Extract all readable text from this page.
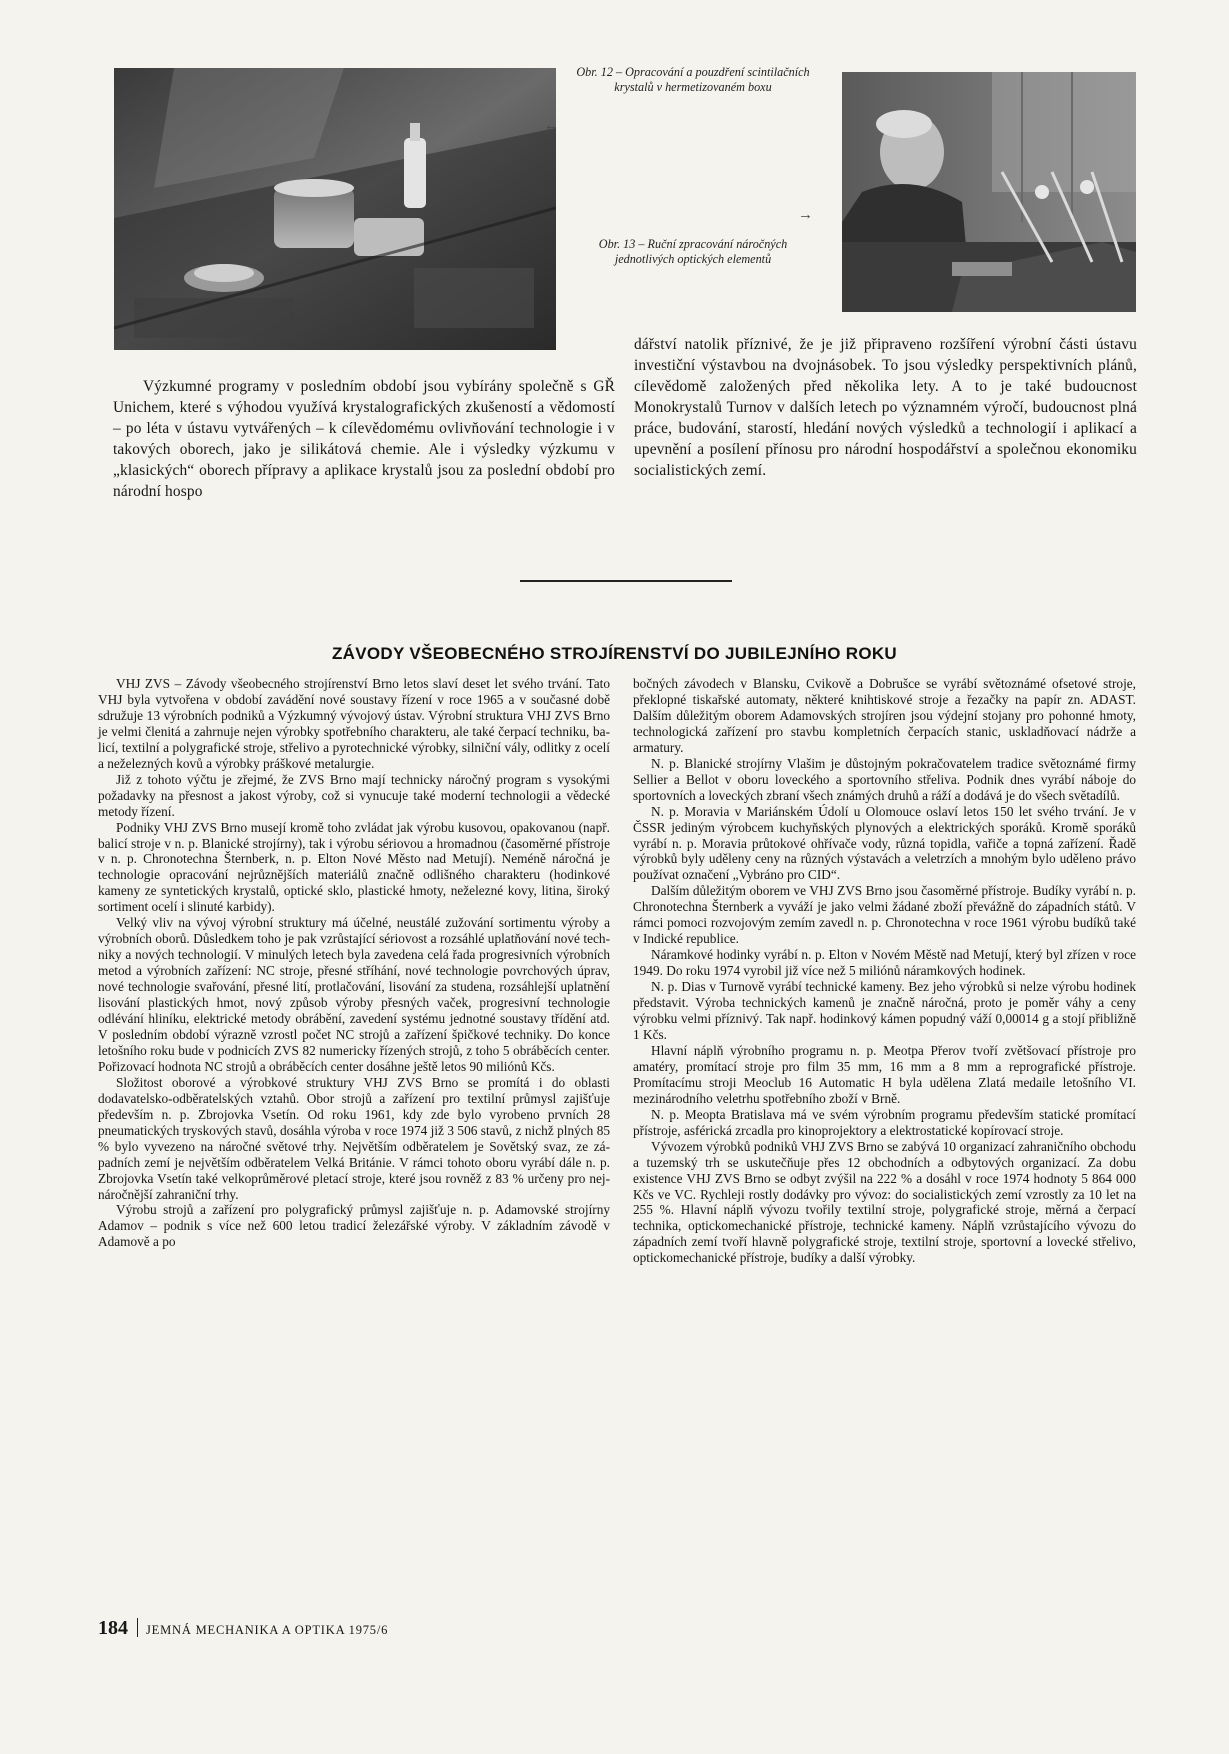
Obr. 12 – Opracování a pouzdření scintilačních krystalů v hermetizovaném boxu
←
→
Obr. 13 – Ruční zpracování náročných jednotlivých optických elementů

Výzkumné programy v posledním období jsou vybírány společně s GŘ Unichem, které s výhodou využívá krystalografických zkušeností a vědomostí – po léta v ústavu vytvářených – k cílevědomému ovlivňování technologie i v takových oborech, jako je silikátová chemie. Ale i výsledky výzkumu v „klasických“ oborech přípravy a aplikace krystalů jsou za poslední období pro národní hospo

dářství natolik příznivé, že je již připraveno rozšíření výrobní části ústavu investiční výstavbou na dvojnásobek. To jsou výsledky perspektivních plánů, cílevědomě založených před několika lety. A to je také budoucnost Monokrystalů Turnov v dalších letech po významném výročí, budoucnost plná práce, budování, starostí, hledání nových výsledků a technologií i aplikací a upevnění a posílení přínosu pro národní hospodářství a společnou ekonomiku socialistických zemí.

ZÁVODY VŠEOBECNÉHO STROJÍRENSTVÍ DO JUBILEJNÍHO ROKU

VHJ ZVS – Závody všeobecného strojírenství Brno letos slaví deset let svého trvání. Tato VHJ byla vytvořena v období zavádění nové soustavy řízení v roce 1965 a v současné době sdružuje 13 výrobních podniků a Výzkumný vývojový ústav. Výrobní struktura VHJ ZVS Brno je velmi členitá a zahrnuje nejen výrobky spotřebního charakteru, ale také čerpací techniku, balicí, textilní a polygrafické stroje, střelivo a pyrotechnické výrobky, silniční vály, odlitky z ocelí a neželezných kovů a výrobky práškové metalurgie.

Již z tohoto výčtu je zřejmé, že ZVS Brno mají technicky náročný program s vysokými požadavky na přesnost a jakost výroby, což si vynucuje také moderní technologii a vědecké metody řízení.

Podniky VHJ ZVS Brno musejí kromě toho zvládat jak výrobu kusovou, opakovanou (např. balicí stroje v n. p. Blanické strojírny), tak i výrobu sériovou a hromadnou (časoměrné přístroje v n. p. Chronotechna Šternberk, n. p. Elton Nové Město nad Metují). Neméně náročná je technologie opracování nejrůznějších materiálů značně odlišného charakteru (hodinkové kameny ze syntetických krystalů, optické sklo, plastické hmoty, neželezné kovy, litina, široký sortiment ocelí i slinuté karbidy).

Velký vliv na vývoj výrobní struktury má účelné, neustálé zužování sortimentu výroby a výrobních oborů. Důsledkem toho je pak vzrůstající sériovost a rozsáhlé uplatňování nové techniky a nových technologií. V minulých letech byla zavedena celá řada progresivních výrobních metod a výrobních zařízení: NC stroje, přesné stříhání, nové technologie povrchových úprav, nové technologie svařování, přesné lití, protlačování, lisování za studena, rozsáhlejší uplatnění lisování plastických hmot, nový způsob výroby přesných vaček, progresivní technologie odlévání hliníku, elektrické metody obrábění, zavedení systému jednotné soustavy třídění atd. V posledním období výrazně vzrostl počet NC strojů a zařízení špičkové techniky. Do konce letošního roku bude v podnicích ZVS 82 numericky řízených strojů, z toho 5 obráběcích center. Pořizovací hodnota NC strojů a obráběcích center dosáhne ještě letos 90 miliónů Kčs.

Složitost oborové a výrobkové struktury VHJ ZVS Brno se promítá i do oblasti dodavatelsko-odběratelských vztahů. Obor strojů a zařízení pro textilní průmysl zajišťuje především n. p. Zbrojovka Vsetín. Od roku 1961, kdy zde bylo vyrobeno prvních 28 pneumatických tryskových stavů, dosáhla výroba v roce 1974 již 3 506 stavů, z nichž plných 85 % bylo vyvezeno na náročné světové trhy. Největším odběratelem je Sovětský svaz, ze západních zemí je největším odběratelem Velká Británie. V rámci tohoto oboru vyrábí dále n. p. Zbrojovka Vsetín také velkoprůměrové pletací stroje, které jsou rovněž z 83 % určeny pro nejnáročnější zahraniční trhy.

Výrobu strojů a zařízení pro polygrafický průmysl zajišťuje n. p. Adamovské strojírny Adamov – podnik s více než 600 letou tradicí železářské výroby. V základním závodě v Adamově a po

bočných závodech v Blansku, Cvikově a Dobrušce se vyrábí světoznámé ofsetové stroje, překlopné tiskařské automaty, některé knihtiskové stroje a řezačky na papír zn. ADAST. Dalším důležitým oborem Adamovských strojíren jsou výdejní stojany pro pohonné hmoty, technologická zařízení pro stavbu kompletních čerpacích stanic, uskladňovací nádrže a armatury.

N. p. Blanické strojírny Vlašim je důstojným pokračovatelem tradice světoznámé firmy Sellier a Bellot v oboru loveckého a sportovního střeliva. Podnik dnes vyrábí náboje do sportovních a loveckých zbraní všech známých druhů a ráží a dodává je do všech světadílů.

N. p. Moravia v Mariánském Údolí u Olomouce oslaví letos 150 let svého trvání. Je v ČSSR jediným výrobcem kuchyňských plynových a elektrických sporáků. Kromě sporáků vyrábí n. p. Moravia průtokové ohřívače vody, různá topidla, vařiče a topná zařízení. Řadě výrobků byly uděleny ceny na různých výstavách a veletrzích a mnohým bylo uděleno právo používat označení „Vybráno pro CID“.

Dalším důležitým oborem ve VHJ ZVS Brno jsou časoměrné přístroje. Budíky vyrábí n. p. Chronotechna Šternberk a vyváží je jako velmi žádané zboží převážně do západních států. V rámci pomoci rozvojovým zemím zavedl n. p. Chronotechna v roce 1961 výrobu budíků také v Indické republice.

Náramkové hodinky vyrábí n. p. Elton v Novém Městě nad Metují, který byl zřízen v roce 1949. Do roku 1974 vyrobil již více než 5 miliónů náramkových hodinek.

N. p. Dias v Turnově vyrábí technické kameny. Bez jeho výrobků si nelze výrobu hodinek představit. Výroba technických kamenů je značně náročná, proto je poměr váhy a ceny výrobku velmi příznivý. Tak např. hodinkový kámen popudný váží 0,00014 g a stojí přibližně 1 Kčs.

Hlavní náplň výrobního programu n. p. Meotpa Přerov tvoří zvětšovací přístroje pro amatéry, promítací stroje pro film 35 mm, 16 mm a 8 mm a reprografické přístroje. Promítacímu stroji Meoclub 16 Automatic H byla udělena Zlatá medaile letošního VI. mezinárodního veletrhu spotřebního zboží v Brně.

N. p. Meopta Bratislava má ve svém výrobním programu především statické promítací přístroje, asférická zrcadla pro kinoprojektory a elektrostatické kopírovací stroje.

Vývozem výrobků podniků VHJ ZVS Brno se zabývá 10 organizací zahraničního obchodu a tuzemský trh se uskutečňuje přes 12 obchodních a odbytových organizací. Za dobu existence VHJ ZVS Brno se odbyt zvýšil na 222 % a dosáhl v roce 1974 hodnoty 5 864 000 Kčs ve VC. Rychleji rostly dodávky pro vývoz: do socialistických zemí vzrostly za 10 let na 255 %. Hlavní náplň vývozu tvořily textilní stroje, polygrafické stroje, měrná a čerpací technika, optickomechanické přístroje, technické kameny. Náplň vzrůstajícího vývozu do západních zemí tvoří hlavně polygrafické stroje, textilní stroje, sportovní a lovecké střelivo, optickomechanické přístroje, budíky a další výrobky.

184 JEMNÁ MECHANIKA A OPTIKA 1975/6
